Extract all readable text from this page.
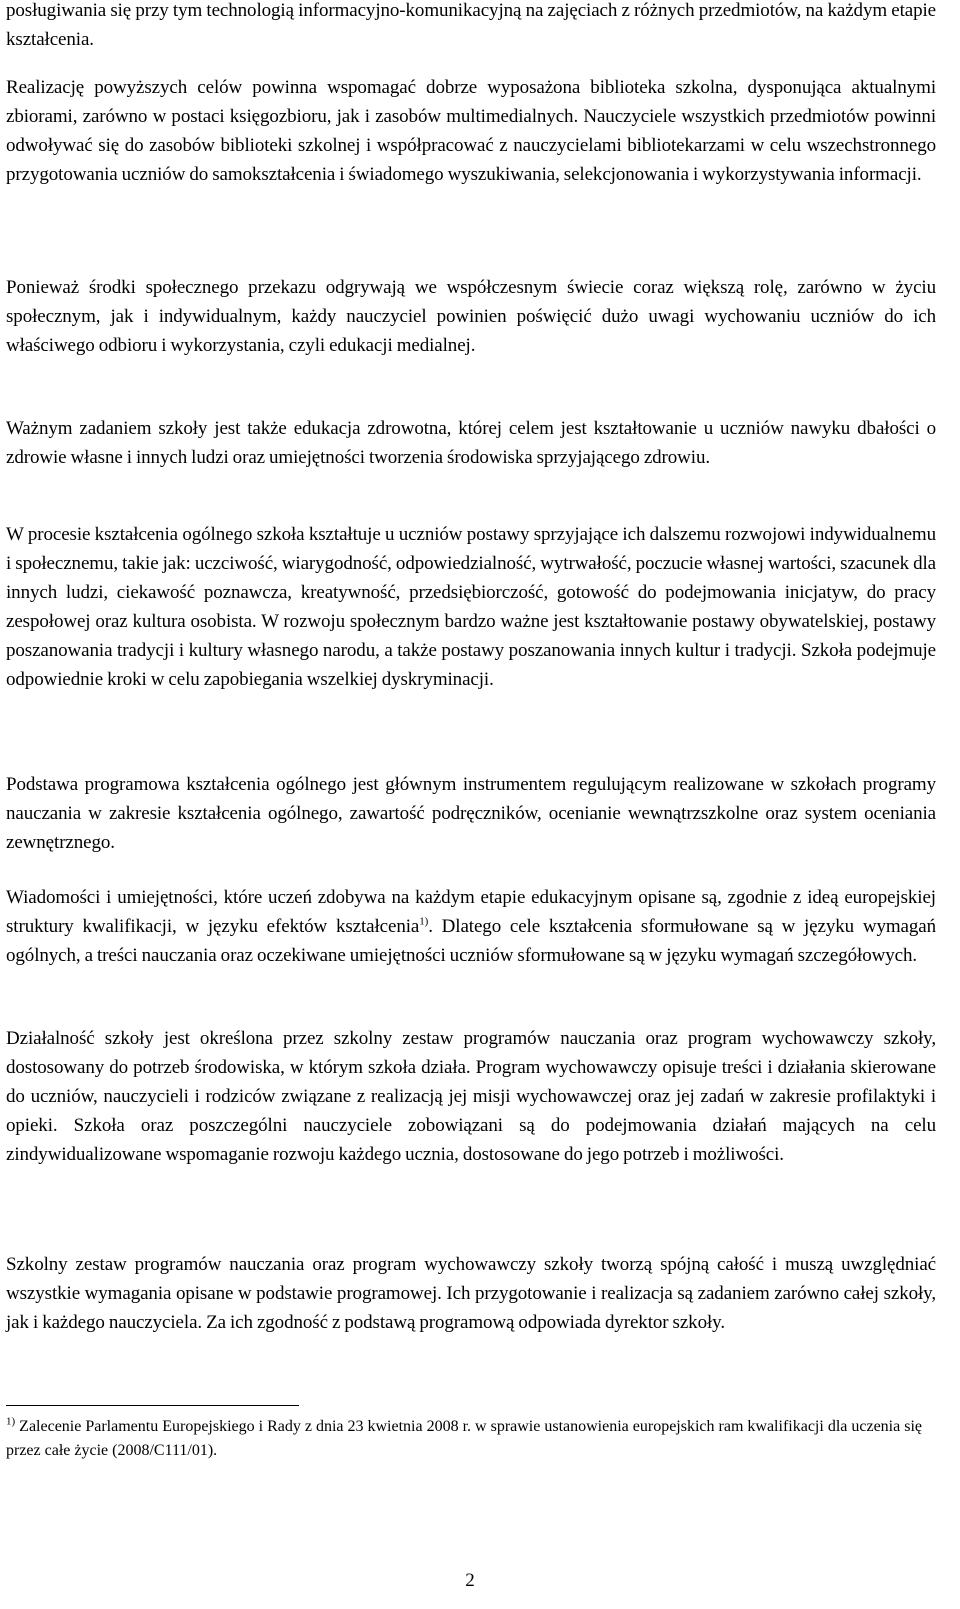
posługiwania się przy tym technologią informacyjno-komunikacyjną na zajęciach z różnych przedmiotów, na każdym etapie kształcenia.

Realizację powyższych celów powinna wspomagać dobrze wyposażona biblioteka szkolna, dysponująca aktualnymi zbiorami, zarówno w postaci księgozbioru, jak i zasobów multimedialnych. Nauczyciele wszystkich przedmiotów powinni odwoływać się do zasobów biblioteki szkolnej i współpracować z nauczycielami bibliotekarzami w celu wszechstronnego przygotowania uczniów do samokształcenia i świadomego wyszukiwania, selekcjonowania i wykorzystywania informacji.

Ponieważ środki społecznego przekazu odgrywają we współczesnym świecie coraz większą rolę, zarówno w życiu społecznym, jak i indywidualnym, każdy nauczyciel powinien poświęcić dużo uwagi wychowaniu uczniów do ich właściwego odbioru i wykorzystania, czyli edukacji medialnej.

Ważnym zadaniem szkoły jest także edukacja zdrowotna, której celem jest kształtowanie u uczniów nawyku dbałości o zdrowie własne i innych ludzi oraz umiejętności tworzenia środowiska sprzyjającego zdrowiu.

W procesie kształcenia ogólnego szkoła kształtuje u uczniów postawy sprzyjające ich dalszemu rozwojowi indywidualnemu i społecznemu, takie jak: uczciwość, wiarygodność, odpowiedzialność, wytrwałość, poczucie własnej wartości, szacunek dla innych ludzi, ciekawość poznawcza, kreatywność, przedsiębiorczość, gotowość do podejmowania inicjatyw, do pracy zespołowej oraz kultura osobista. W rozwoju społecznym bardzo ważne jest kształtowanie postawy obywatelskiej, postawy poszanowania tradycji i kultury własnego narodu, a także postawy poszanowania innych kultur i tradycji. Szkoła podejmuje odpowiednie kroki w celu zapobiegania wszelkiej dyskryminacji.

Podstawa programowa kształcenia ogólnego jest głównym instrumentem regulującym realizowane w szkołach programy nauczania w zakresie kształcenia ogólnego, zawartość podręczników, ocenianie wewnątrzszkolne oraz system oceniania zewnętrznego.

Wiadomości i umiejętności, które uczeń zdobywa na każdym etapie edukacyjnym opisane są, zgodnie z ideą europejskiej struktury kwalifikacji, w języku efektów kształcenia$^{1)}$. Dlatego cele kształcenia sformułowane są w języku wymagań ogólnych, a treści nauczania oraz oczekiwane umiejętności uczniów sformułowane są w języku wymagań szczegółowych.

Działalność szkoły jest określona przez szkolny zestaw programów nauczania oraz program wychowawczy szkoły, dostosowany do potrzeb środowiska, w którym szkoła działa. Program wychowawczy opisuje treści i działania skierowane do uczniów, nauczycieli i rodziców związane z realizacją jej misji wychowawczej oraz jej zadań w zakresie profilaktyki i opieki. Szkoła oraz poszczególni nauczyciele zobowiązani są do podejmowania działań mających na celu zindywidualizowane wspomaganie rozwoju każdego ucznia, dostosowane do jego potrzeb i możliwości.

Szkolny zestaw programów nauczania oraz program wychowawczy szkoły tworzą spójną całość i muszą uwzględniać wszystkie wymagania opisane w podstawie programowej. Ich przygotowanie i realizacja są zadaniem zarówno całej szkoły, jak i każdego nauczyciela. Za ich zgodność z podstawą programową odpowiada dyrektor szkoły.

$^{1)}$ Zalecenie Parlamentu Europejskiego i Rady z dnia 23 kwietnia 2008 r. w sprawie ustanowienia europejskich ram kwalifikacji dla uczenia się przez całe życie (2008/C111/01).

2
